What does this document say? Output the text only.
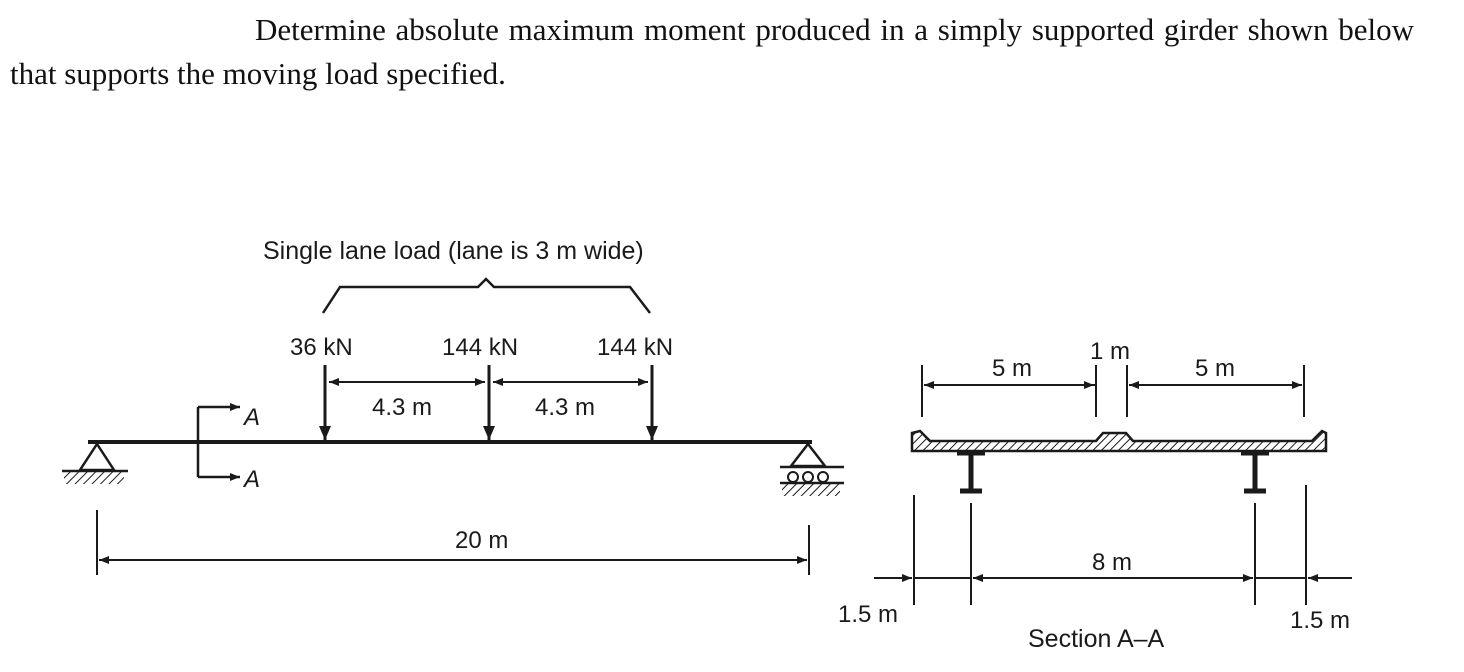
Determine absolute maximum moment produced in a simply supported girder shown below that supports the moving load specified.

Single lane load (lane is 3 m wide)
36 kN	144 kN	144 kN
4.3 m	4.3 m
A
A
20 m
5 m
1 m
5 m
8 m
1.5 m	1.5 m
Section A–A
